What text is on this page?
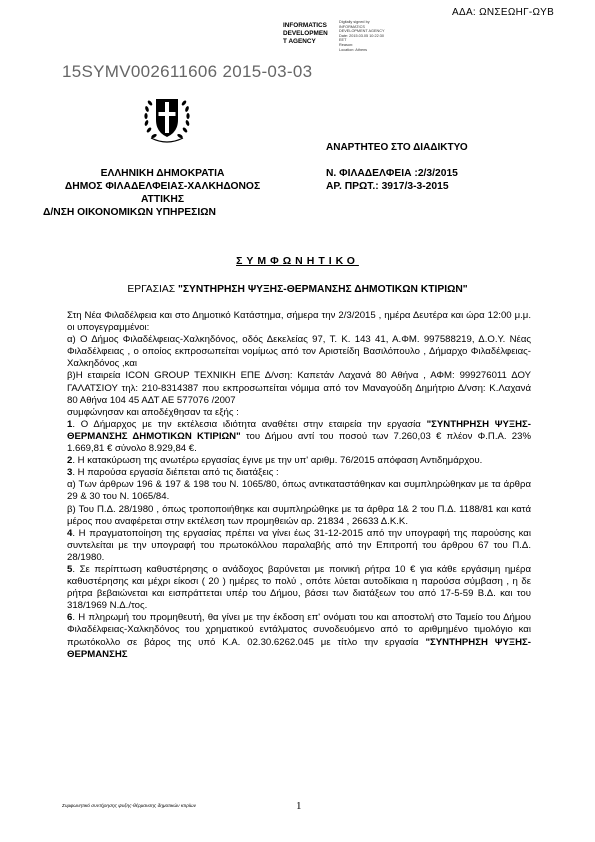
ΑΔΑ: ΩΝΣΕΩΗΓ-ΩΥΒ
INFORMATICS
DEVELOPMEN
T AGENCY
Digitally signed by
INFORMATICS
DEVELOPMENT AGENCY
Date: 2015.03.05 10:22:30
EET
Reason:
Location: Athens
15SYMV002611606 2015-03-03
ΑΝΑΡΤΗΤΕΟ ΣΤΟ ΔΙΑΔΙΚΤΥΟ
ΕΛΛΗΝΙΚΗ ΔΗΜΟΚΡΑΤΙΑ
ΔΗΜΟΣ ΦΙΛΑΔΕΛΦΕΙΑΣ-ΧΑΛΚΗΔΟΝΟΣ
ΑΤΤΙΚΗΣ
Δ/ΝΣΗ ΟΙΚΟΝΟΜΙΚΩΝ ΥΠΗΡΕΣΙΩΝ
Ν. ΦΙΛΑΔΕΛΦΕΙΑ :2/3/2015
ΑΡ. ΠΡΩΤ.: 3917/3-3-2015
ΣΥΜΦΩΝΗΤΙΚΟ
ΕΡΓΑΣΙΑΣ "ΣΥΝΤΗΡΗΣΗ ΨΥΞΗΣ-ΘΕΡΜΑΝΣΗΣ ΔΗΜΟΤΙΚΩΝ ΚΤΙΡΙΩΝ"

Στη Νέα Φιλαδέλφεια και στο Δημοτικό Κατάστημα, σήμερα την 2/3/2015 , ημέρα Δευτέρα και ώρα 12:00 μ.μ. οι υπογεγραμμένοι:

α) Ο Δήμος Φιλαδέλφειας-Χαλκηδόνος, οδός Δεκελείας 97, Τ. Κ. 143 41, Α.ΦΜ. 997588219, Δ.Ο.Υ. Νέας Φιλαδέλφειας , ο οποίος εκπροσωπείται νομίμως από τον Αριστείδη Βασιλόπουλο , Δήμαρχο Φιλαδέλφειας-Χαλκηδόνος ,και

β)Η εταιρεία ICON GROUP ΤΕΧΝΙΚΗ ΕΠΕ Δ/νση: Καπετάν Λαχανά 80 Αθήνα , ΑΦΜ: 999276011 ΔΟΥ ΓΑΛΑΤΣΙΟΥ τηλ: 210-8314387 που εκπροσωπείται νόμιμα από τον Μαναγούδη Δημήτριο Δ/νση: Κ.Λαχανά 80 Αθήνα 104 45 ΑΔΤ ΑΕ 577076 /2007

συμφώνησαν και αποδέχθησαν τα εξής :

1. Ο Δήμαρχος με την εκτέλεσια ιδιότητα αναθέτει στην εταιρεία την εργασία "ΣΥΝΤΗΡΗΣΗ ΨΥΞΗΣ-ΘΕΡΜΑΝΣΗΣ ΔΗΜΟΤΙΚΩΝ ΚΤΙΡΙΩΝ" του Δήμου αντί του ποσού των 7.260,03 € πλέον Φ.Π.Α. 23% 1.669,81 € σύνολο 8.929,84 €.

2. Η κατακύρωση της ανωτέρω εργασίας έγινε με την υπ' αριθμ. 76/2015 απόφαση Αντιδημάρχου.

3. Η παρούσα εργασία διέπεται από τις διατάξεις :

α) Των άρθρων 196 & 197 & 198 του Ν. 1065/80, όπως αντικαταστάθηκαν και συμπληρώθηκαν με τα άρθρα 29 & 30 του Ν. 1065/84.

β) Του Π.Δ. 28/1980 , όπως τροποποιήθηκε και συμπληρώθηκε με τα άρθρα 1& 2 του Π.Δ. 1188/81 και κατά μέρος που αναφέρεται στην εκτέλεση των προμηθειών αρ. 21834 , 26633 Δ.Κ.Κ.

4. Η πραγματοποίηση της εργασίας πρέπει να γίνει έως 31-12-2015 από την υπογραφή της παρούσης και συντελείται με την υπογραφή του πρωτοκόλλου παραλαβής από την Επιτροπή του άρθρου 67 του Π.Δ. 28/1980.

5. Σε περίπτωση καθυστέρησης ο ανάδοχος βαρύνεται με ποινική ρήτρα 10 € για κάθε εργάσιμη ημέρα καθυστέρησης και μέχρι είκοσι ( 20 ) ημέρες το πολύ , οπότε λύεται αυτοδίκαια η παρούσα σύμβαση , η δε ρήτρα βεβαιώνεται και εισπράττεται υπέρ του Δήμου, βάσει των διατάξεων του από 17-5-59 Β.Δ. και του 318/1969 Ν.Δ./τος.

6. Η πληρωμή του προμηθευτή, θα γίνει με την έκδοση επ' ονόματι του και αποστολή στο Ταμείο του Δήμου Φιλαδέλφειας-Χαλκηδόνος του χρηματικού εντάλματος συνοδευόμενο από το αριθμημένο τιμολόγιο και πρωτόκολλο σε βάρος της υπό Κ.Α. 02.30.6262.045 με τίτλο την εργασία "ΣΥΝΤΗΡΗΣΗ ΨΥΞΗΣ-ΘΕΡΜΑΝΣΗΣ

Συμφωνητικό συντήρησης ψυξης-θέρμανσης δημοτικών κτιρίων	1
